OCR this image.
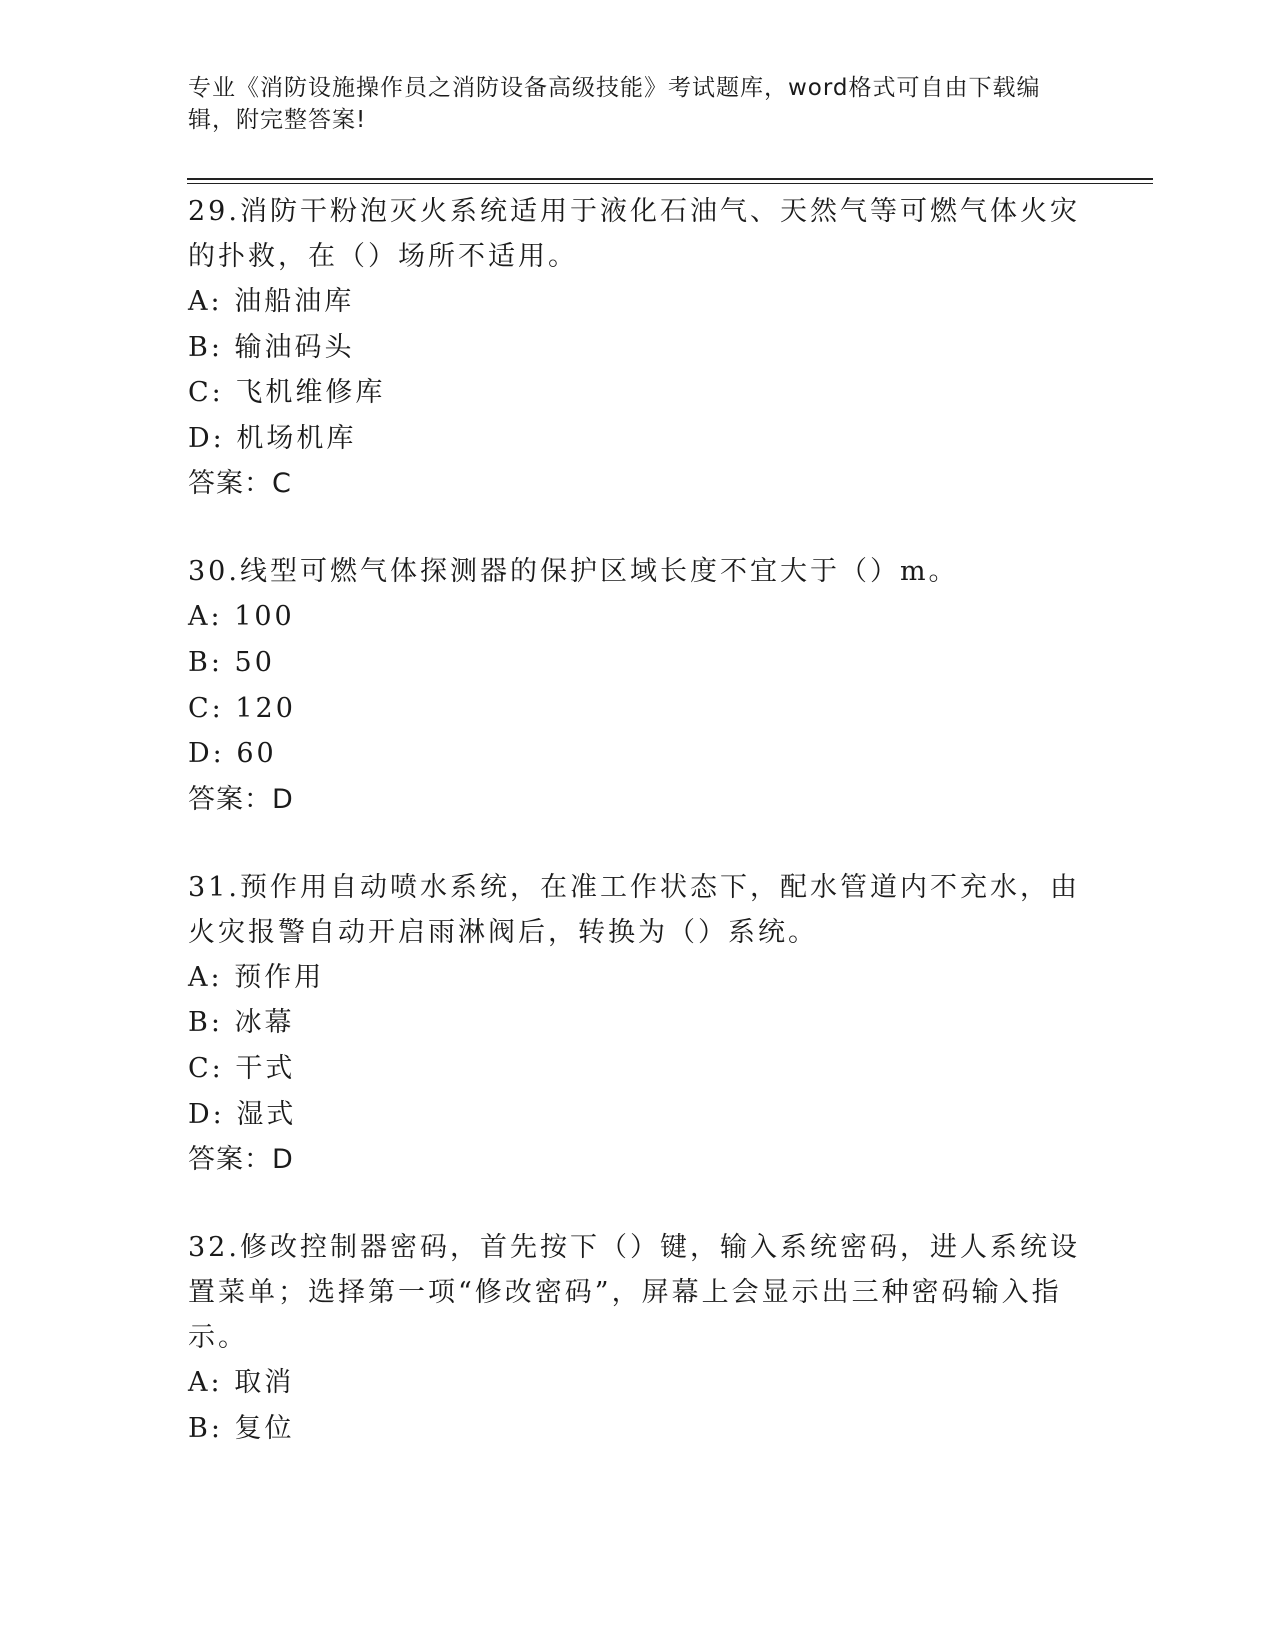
专业《消防设施操作员之消防设备高级技能》考试题库，word格式可自由下载编辑，附完整答案!

29.消防干粉泡灭火系统适用于液化石油气、天然气等可燃气体火灾的扑救，在（）场所不适用。

A: 油船油库

B: 输油码头

C: 飞机维修库

D: 机场机库

答案：C

30.线型可燃气体探测器的保护区域长度不宜大于（）m。

A: 100

B: 50

C: 120

D: 60

答案：D

31.预作用自动喷水系统，在准工作状态下，配水管道内不充水，由火灾报警自动开启雨淋阀后，转换为（）系统。

A: 预作用

B: 冰幕

C: 干式

D: 湿式

答案：D

32.修改控制器密码，首先按下（）键，输入系统密码，进人系统设置菜单；选择第一项“修改密码”，屏幕上会显示出三种密码输入指示。

A: 取消

B: 复位
